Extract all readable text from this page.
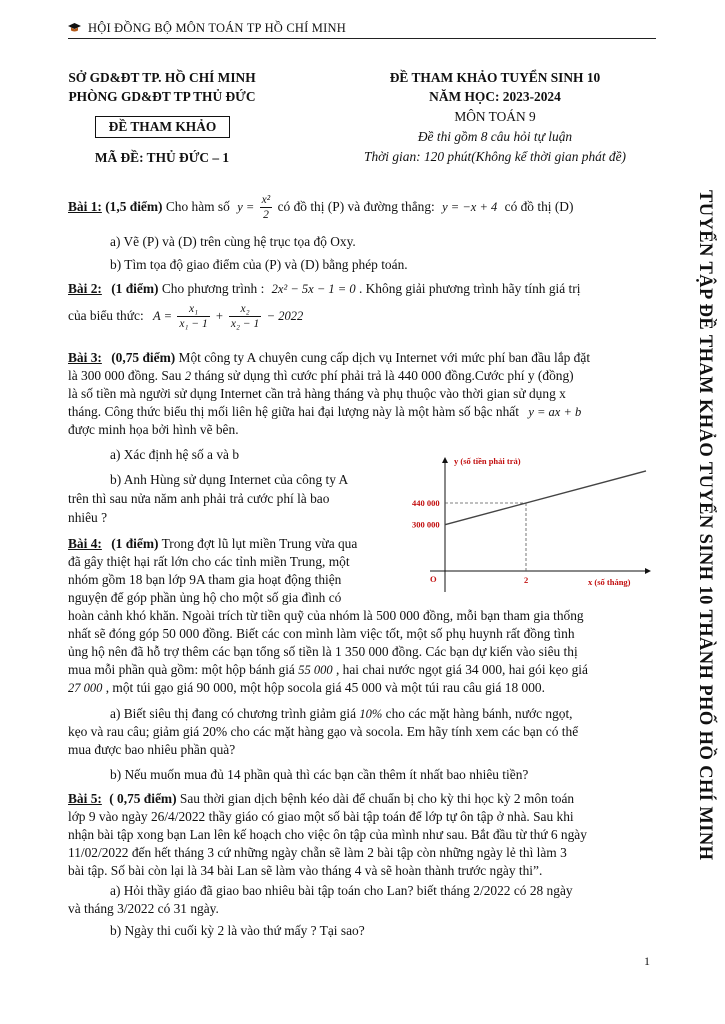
HỘI ĐỒNG BỘ MÔN TOÁN TP HỒ CHÍ MINH
SỞ GD&ĐT TP. HỒ CHÍ MINH
PHÒNG GD&ĐT TP THỦ ĐỨC
ĐỀ THAM KHẢO
MÃ ĐỀ: THỦ ĐỨC – 1
ĐỀ THAM KHẢO TUYỂN SINH 10
NĂM HỌC: 2023-2024
MÔN TOÁN 9
Đề thi gồm 8 câu hỏi tự luận
Thời gian: 120 phút(Không kể thời gian phát đề)
TUYỂN TẬP ĐỀ THAM KHẢO TUYỂN SINH 10 THÀNH PHỐ HỒ CHÍ MINH
Bài 1: (1,5 điểm) Cho hàm số $y = \frac{\text{x²}}{2}$ có đồ thị (P) và đường thẳng: y = −x + 4 có đồ thị (D)
a) Vẽ (P) và (D) trên cùng hệ trục tọa độ Oxy.
b) Tìm tọa độ giao điểm của (P) và (D) bằng phép toán.
Bài 2: (1 điểm) Cho phương trình : 2x² − 5x − 1 = 0 . Không giải phương trình hãy tính giá trị
của biểu thức: $A = \frac{\text{x₁}}{\text{x₁ − 1}} + \frac{\text{x₂}}{\text{x₂ − 1}} - 2022$
Bài 3: (0,75 điểm) Một công ty A chuyên cung cấp dịch vụ Internet với mức phí ban đầu lắp đặt
là 300 000 đồng. Sau 2 tháng sử dụng thì cước phí phải trả là 440 000 đồng.Cước phí y (đồng)
là số tiền mà người sử dụng Internet cần trả hàng tháng và phụ thuộc vào thời gian sử dụng x
tháng. Công thức biểu thị mối liên hệ giữa hai đại lượng này là một hàm số bậc nhất y = ax + b
được minh họa bởi hình vẽ bên.
a) Xác định hệ số a và b
b) Anh Hùng sử dụng Internet của công ty A
trên thì sau nửa năm anh phải trả cước phí là bao
nhiêu ?
y (số tiền phải trả)
x (số tháng)
O
440 000
300 000
2
Bài 4: (1 điểm) Trong đợt lũ lụt miền Trung vừa qua
đã gây thiệt hại rất lớn cho các tỉnh miền Trung, một
nhóm gồm 18 bạn lớp 9A tham gia hoạt động thiện
nguyện để góp phần ủng hộ cho một số gia đình có
hoàn cảnh khó khăn. Ngoài trích từ tiền quỹ của nhóm là 500 000 đồng, mỗi bạn tham gia thống
nhất sẽ đóng góp 50 000 đồng. Biết các con mình làm việc tốt, một số phụ huynh rất đồng tình
ủng hộ nên đã hỗ trợ thêm các bạn tổng số tiền là 1 350 000 đồng. Các bạn dự kiến vào siêu thị
mua mỗi phần quà gồm: một hộp bánh giá 55 000 , hai chai nước ngọt giá 34 000, hai gói kẹo giá
27 000 , một túi gạo giá 90 000, một hộp socola giá 45 000 và một túi rau câu giá 18 000.
a) Biết siêu thị đang có chương trình giảm giá 10% cho các mặt hàng bánh, nước ngọt,
kẹo và rau câu; giảm giá 20% cho các mặt hàng gạo và socola. Em hãy tính xem các bạn có thể
mua được bao nhiêu phần quà?
b) Nếu muốn mua đủ 14 phần quà thì các bạn cần thêm ít nhất bao nhiêu tiền?
Bài 5: ( 0,75 điểm) Sau thời gian dịch bệnh kéo dài để chuẩn bị cho kỳ thi học kỳ 2 môn toán
lớp 9 vào ngày 26/4/2022 thầy giáo có giao một số bài tập toán để lớp tự ôn tập ở nhà. Sau khi
nhận bài tập xong bạn Lan lên kế hoạch cho việc ôn tập của mình như sau. Bắt đầu từ thứ 6 ngày
11/02/2022 đến hết tháng 3 cứ những ngày chẵn sẽ làm 2 bài tập còn những ngày lẻ thì làm 3
bài tập. Số bài còn lại là 34 bài Lan sẽ làm vào tháng 4 và sẽ hoàn thành trước ngày thi”.
a) Hỏi thầy giáo đã giao bao nhiêu bài tập toán cho Lan? biết tháng 2/2022 có 28 ngày
và tháng 3/2022 có 31 ngày.
b) Ngày thi cuối kỳ 2 là vào thứ mấy ? Tại sao?
1
